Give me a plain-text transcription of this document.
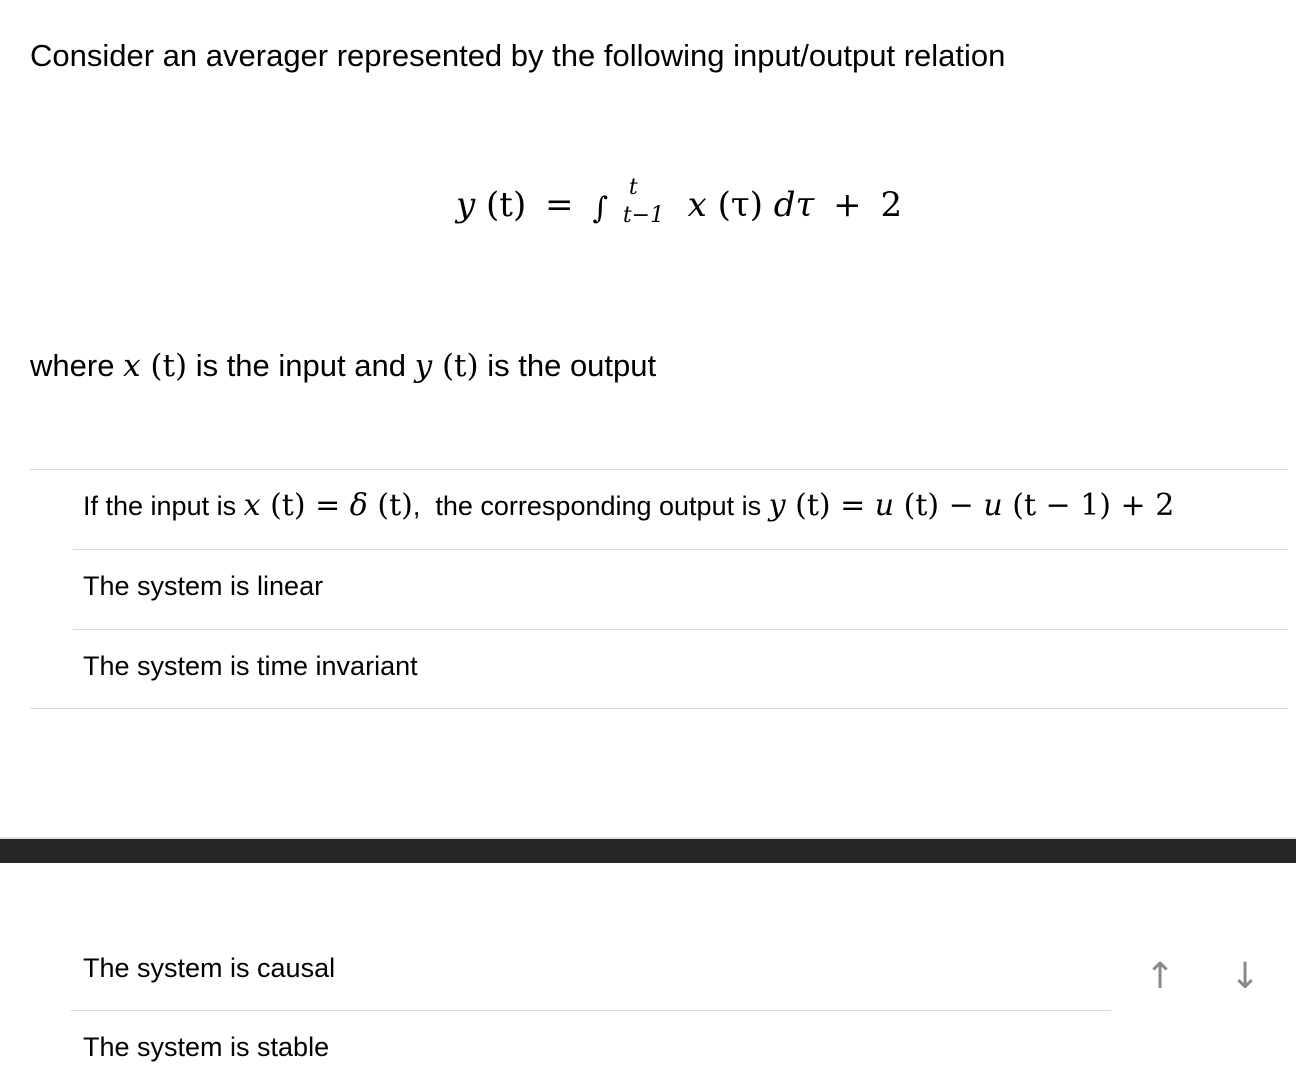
Consider an averager represented by the following input/output relation
y (t) = ∫
t
t−1 x (τ) dτ + 2
where x (t) is the input and y (t) is the output
If the input is x (t) = δ (t), the corresponding output is y (t) = u (t) − u (t − 1) + 2
The system is linear
The system is time invariant
The system is causal
The system is stable
↑ ↓
